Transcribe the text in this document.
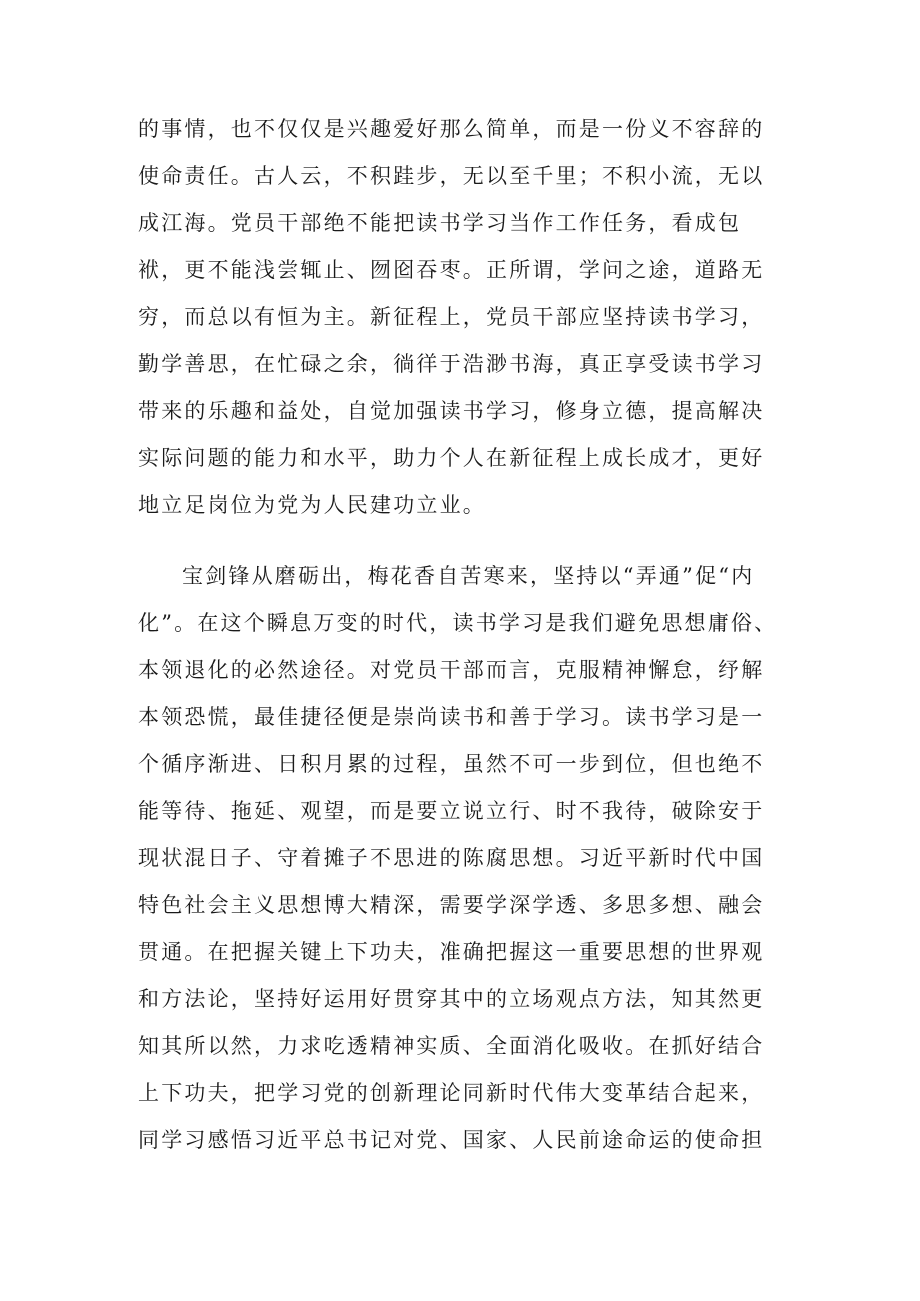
的事情，也不仅仅是兴趣爱好那么简单，而是一份义不容辞的
使命责任。古人云，不积跬步，无以至千里；不积小流，无以
成江海。党员干部绝不能把读书学习当作工作任务，看成包
袱，更不能浅尝辄止、囫囵吞枣。正所谓，学问之途，道路无
穷，而总以有恒为主。新征程上，党员干部应坚持读书学习，
勤学善思，在忙碌之余，徜徉于浩渺书海，真正享受读书学习
带来的乐趣和益处，自觉加强读书学习，修身立德，提高解决
实际问题的能力和水平，助力个人在新征程上成长成才，更好
地立足岗位为党为人民建功立业。
宝剑锋从磨砺出，梅花香自苦寒来，坚持以“弄通”促“内
化”。在这个瞬息万变的时代，读书学习是我们避免思想庸俗、
本领退化的必然途径。对党员干部而言，克服精神懈怠，纾解
本领恐慌，最佳捷径便是崇尚读书和善于学习。读书学习是一
个循序渐进、日积月累的过程，虽然不可一步到位，但也绝不
能等待、拖延、观望，而是要立说立行、时不我待，破除安于
现状混日子、守着摊子不思进的陈腐思想。习近平新时代中国
特色社会主义思想博大精深，需要学深学透、多思多想、融会
贯通。在把握关键上下功夫，准确把握这一重要思想的世界观
和方法论，坚持好运用好贯穿其中的立场观点方法，知其然更
知其所以然，力求吃透精神实质、全面消化吸收。在抓好结合
上下功夫，把学习党的创新理论同新时代伟大变革结合起来，
同学习感悟习近平总书记对党、国家、人民前途命运的使命担
